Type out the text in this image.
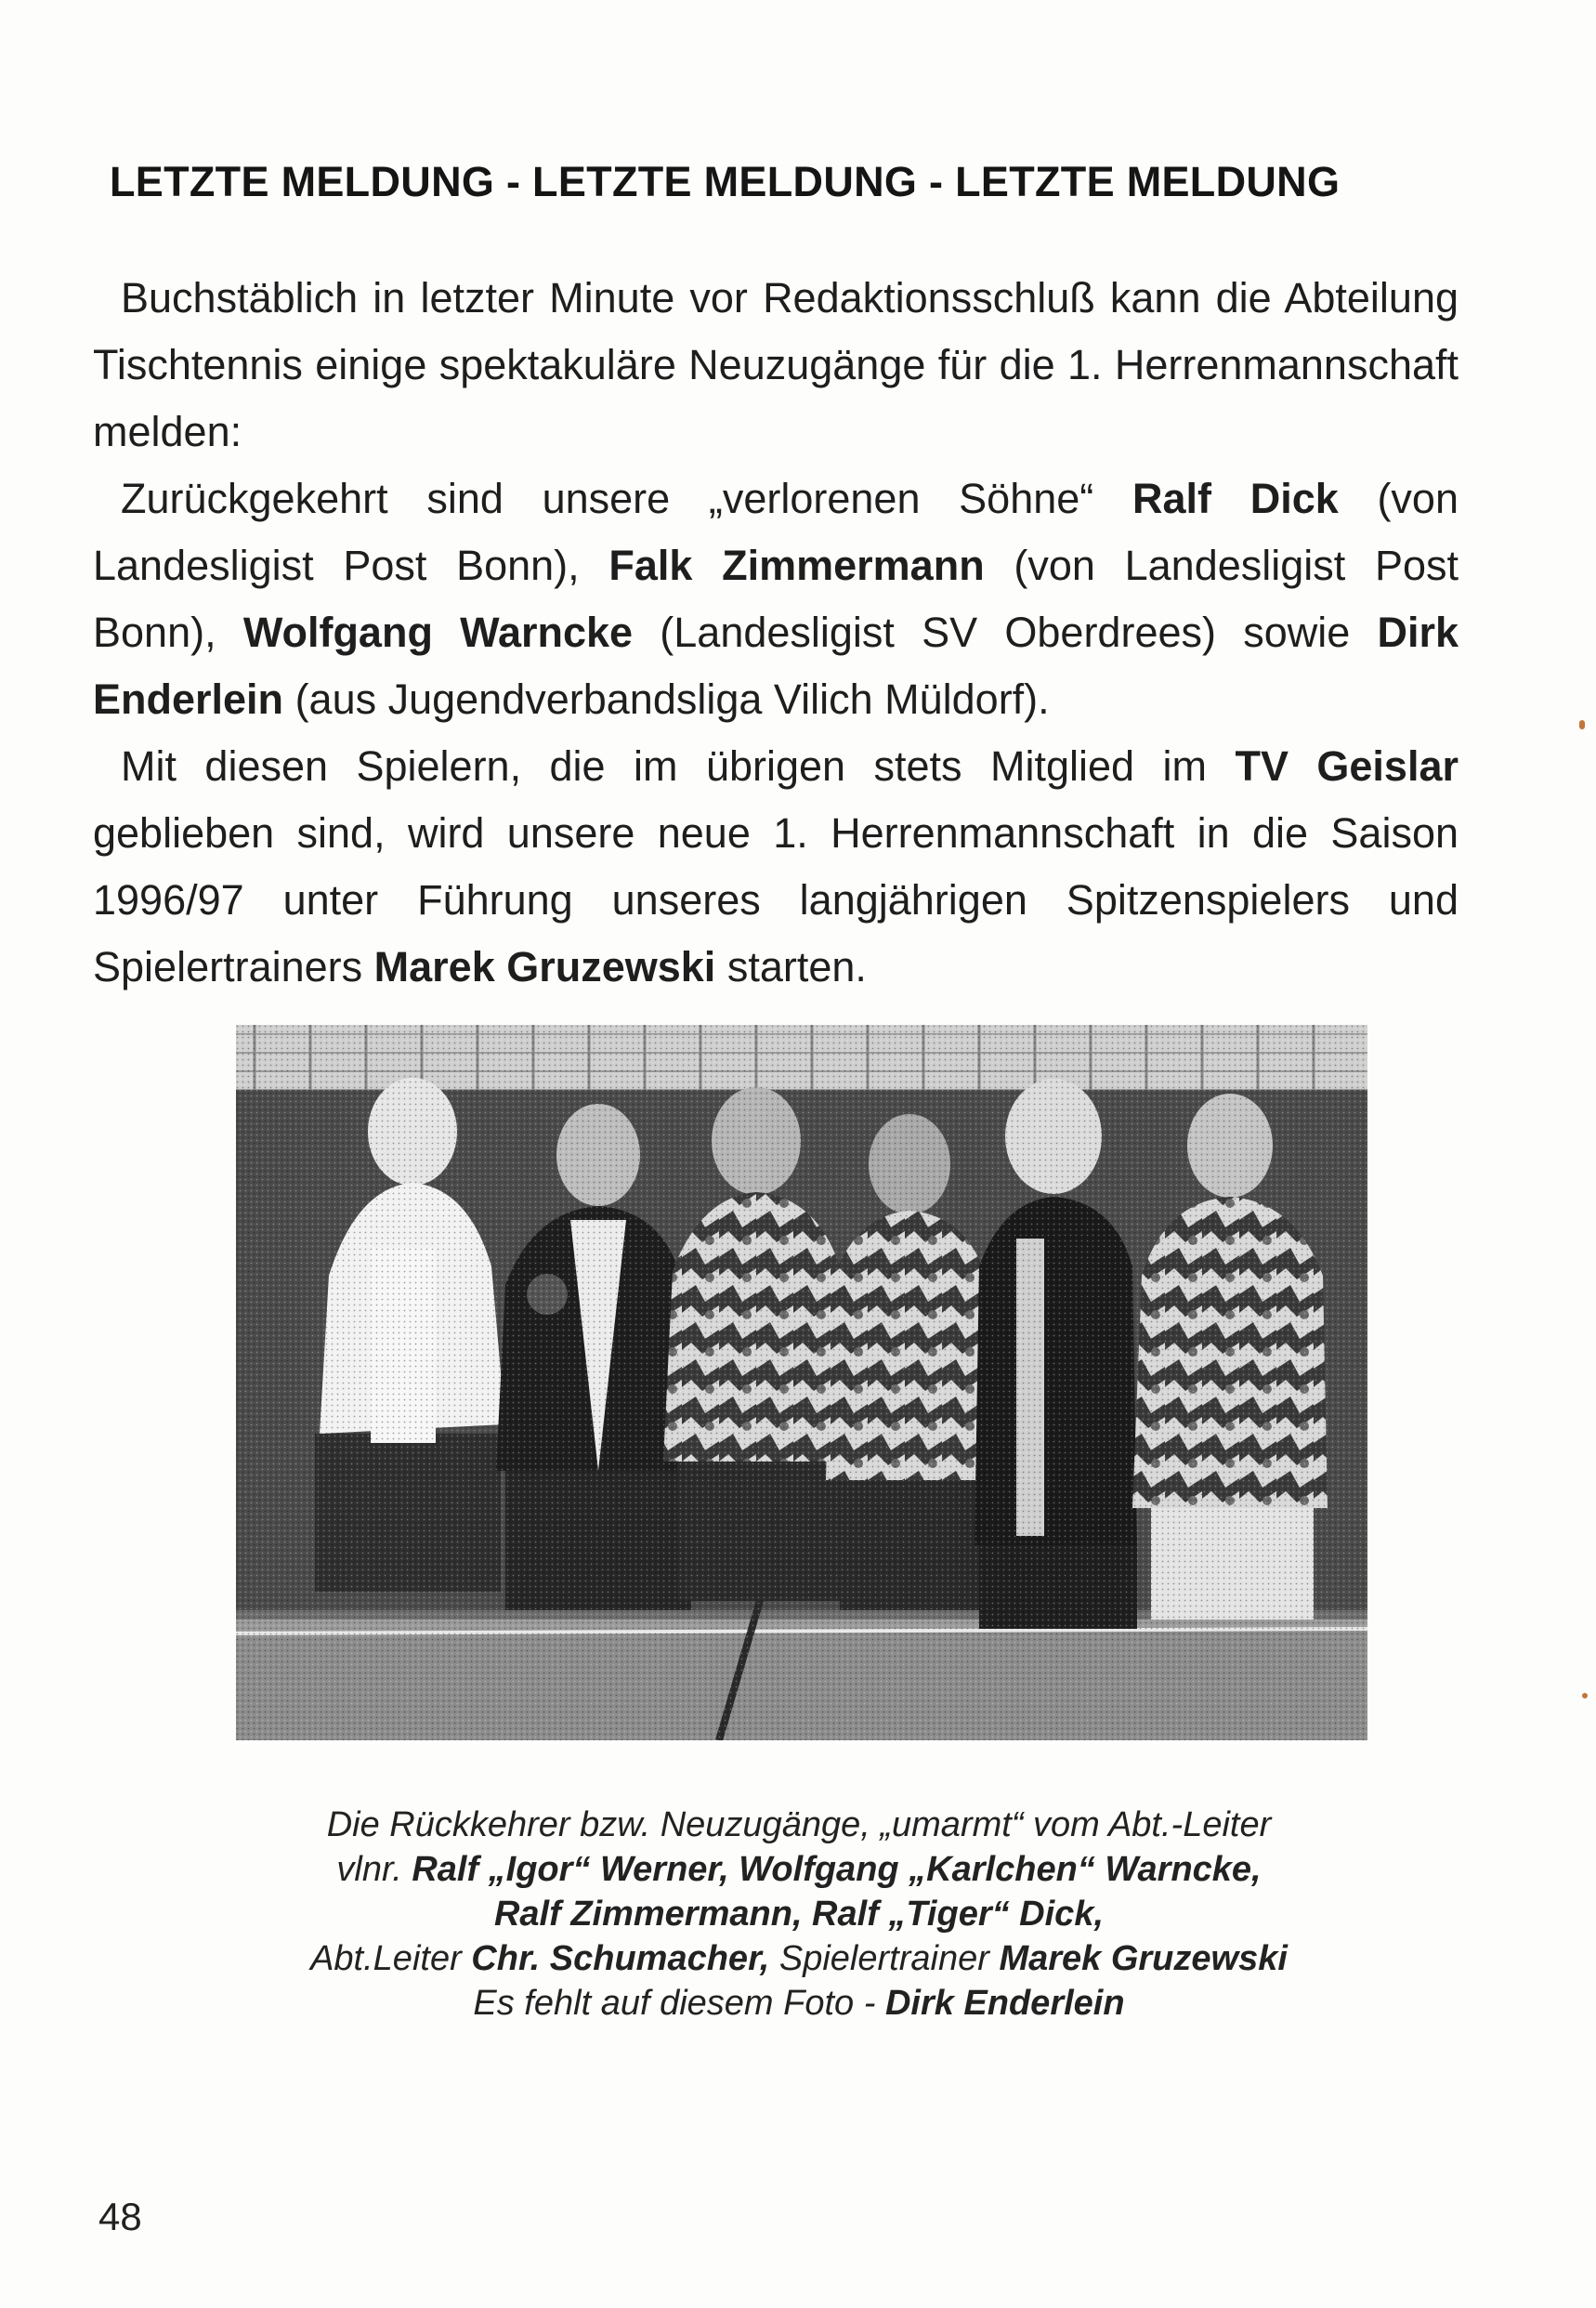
LETZTE MELDUNG - LETZTE MELDUNG - LETZTE MELDUNG

Buchstäblich in letzter Minute vor Redaktionsschluß kann die Abteilung Tischtennis einige spektakuläre Neuzugänge für die 1. Herrenmannschaft melden:

Zurückgekehrt sind unsere „verlorenen Söhne“ Ralf Dick (von Landesligist Post Bonn), Falk Zimmermann (von Landesligist Post Bonn), Wolfgang Warncke (Landesligist SV Oberdrees) sowie Dirk Enderlein (aus Jugendverbandsliga Vilich Müldorf).

Mit diesen Spielern, die im übrigen stets Mitglied im TV Geislar geblieben sind, wird unsere neue 1. Herrenmannschaft in die Saison 1996/97 unter Führung unseres langjährigen Spitzenspielers und Spielertrainers Marek Gruzewski starten.

Die Rückkehrer bzw. Neuzugänge, „umarmt“ vom Abt.-Leiter
vlnr. Ralf „Igor“ Werner, Wolfgang „Karlchen“ Warncke,
Ralf Zimmermann, Ralf „Tiger“ Dick,
Abt.Leiter Chr. Schumacher, Spielertrainer Marek Gruzewski
Es fehlt auf diesem Foto - Dirk Enderlein
48
